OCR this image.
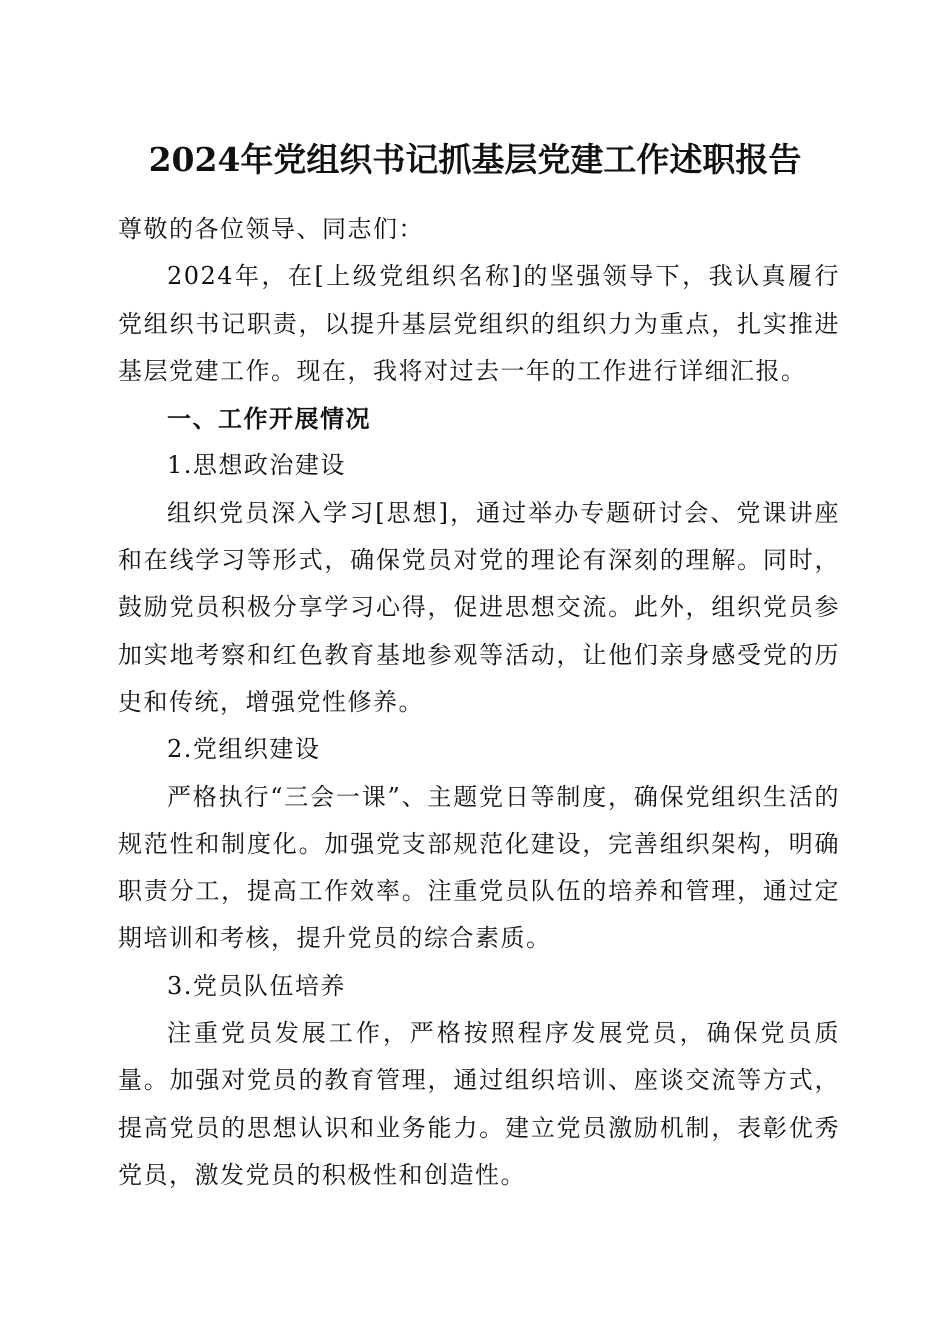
2024年党组织书记抓基层党建工作述职报告

尊敬的各位领导、同志们：

2024年，在[上级党组织名称]的坚强领导下，我认真履行党组织书记职责，以提升基层党组织的组织力为重点，扎实推进基层党建工作。现在，我将对过去一年的工作进行详细汇报。

一、工作开展情况

1.思想政治建设

组织党员深入学习[思想]，通过举办专题研讨会、党课讲座和在线学习等形式，确保党员对党的理论有深刻的理解。同时，鼓励党员积极分享学习心得，促进思想交流。此外，组织党员参加实地考察和红色教育基地参观等活动，让他们亲身感受党的历史和传统，增强党性修养。

2.党组织建设

严格执行“三会一课”、主题党日等制度，确保党组织生活的规范性和制度化。加强党支部规范化建设，完善组织架构，明确职责分工，提高工作效率。注重党员队伍的培养和管理，通过定期培训和考核，提升党员的综合素质。

3.党员队伍培养

注重党员发展工作，严格按照程序发展党员，确保党员质量。加强对党员的教育管理，通过组织培训、座谈交流等方式，提高党员的思想认识和业务能力。建立党员激励机制，表彰优秀党员，激发党员的积极性和创造性。
